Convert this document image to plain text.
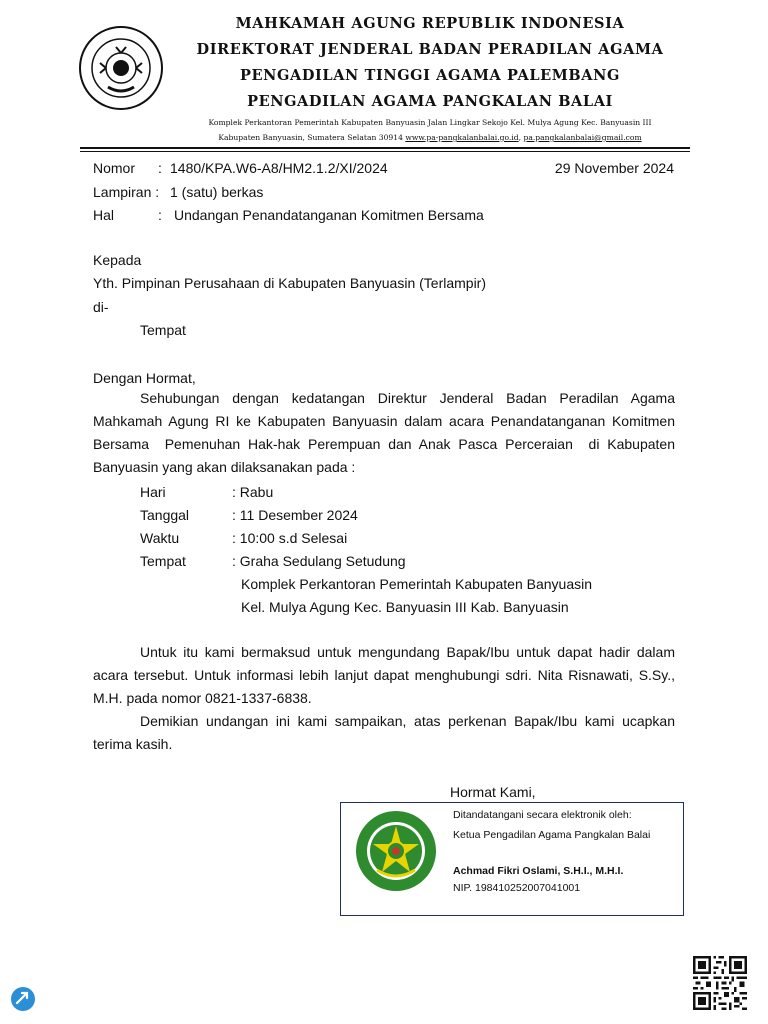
MAHKAMAH AGUNG REPUBLIK INDONESIA
DIREKTORAT JENDERAL BADAN PERADILAN AGAMA
PENGADILAN TINGGI AGAMA PALEMBANG
PENGADILAN AGAMA PANGKALAN BALAI
Komplek Perkantoran Pemerintah Kabupaten Banyuasin Jalan Lingkar Sekojo Kel. Mulya Agung Kec. Banyuasin III
Kabupaten Banyuasin, Sumatera Selatan 30914 www.pa-pangkalanbalai.go.id, pa.pangkalanbalai@gmail.com
Nomor : 1480/KPA.W6-A8/HM2.1.2/XI/2024	29 November 2024
Lampiran : 1 (satu) berkas
Hal	: Undangan Penandatanganan Komitmen Bersama
Kepada
Yth. Pimpinan Perusahaan di Kabupaten Banyuasin (Terlampir)
di-
Tempat
Dengan Hormat,
Sehubungan dengan kedatangan Direktur Jenderal Badan Peradilan Agama
Mahkamah Agung RI ke Kabupaten Banyuasin dalam acara Penandatanganan Komitmen
Bersama  Pemenuhan Hak-hak Perempuan dan Anak Pasca Perceraian  di Kabupaten
Banyuasin yang akan dilaksanakan pada :
Hari	: Rabu
Tanggal	: 11 Desember 2024
Waktu	: 10:00 s.d Selesai
Tempat	: Graha Sedulang Setudung
Komplek Perkantoran Pemerintah Kabupaten Banyuasin
Kel. Mulya Agung Kec. Banyuasin III Kab. Banyuasin
Untuk itu kami bermaksud untuk mengundang Bapak/Ibu untuk dapat hadir dalam
acara tersebut. Untuk informasi lebih lanjut dapat menghubungi sdri. Nita Risnawati, S.Sy.,
M.H. pada nomor 0821-1337-6838.
Demikian undangan ini kami sampaikan, atas perkenan Bapak/Ibu kami ucapkan
terima kasih.
Hormat Kami,
Ditandatangani secara elektronik oleh:
Ketua Pengadilan Agama Pangkalan Balai
Achmad Fikri Oslami, S.H.I., M.H.I.
NIP. 198410252007041001
